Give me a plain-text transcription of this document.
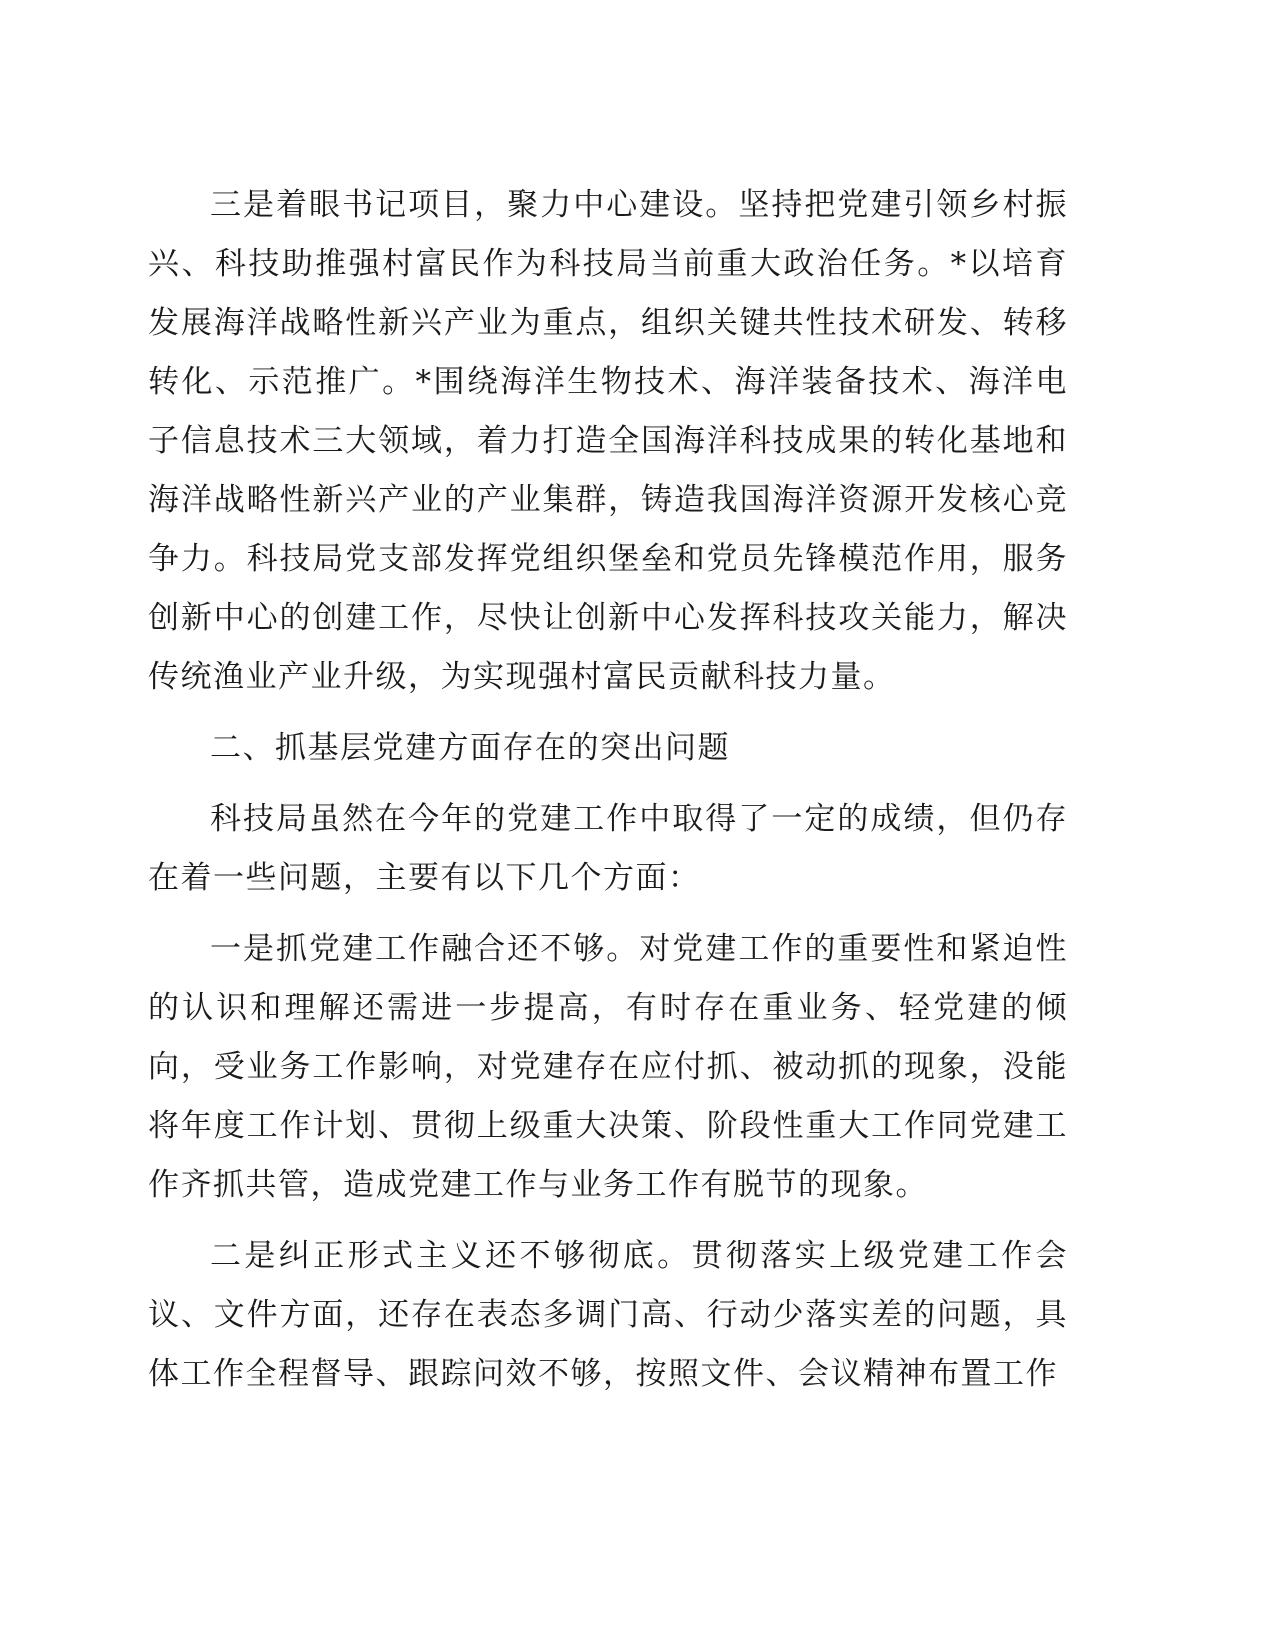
三是着眼书记项目，聚力中心建设。坚持把党建引领乡村振兴、科技助推强村富民作为科技局当前重大政治任务。*以培育发展海洋战略性新兴产业为重点，组织关键共性技术研发、转移转化、示范推广。*围绕海洋生物技术、海洋装备技术、海洋电子信息技术三大领域，着力打造全国海洋科技成果的转化基地和海洋战略性新兴产业的产业集群，铸造我国海洋资源开发核心竞争力。科技局党支部发挥党组织堡垒和党员先锋模范作用，服务创新中心的创建工作，尽快让创新中心发挥科技攻关能力，解决传统渔业产业升级，为实现强村富民贡献科技力量。

二、抓基层党建方面存在的突出问题

科技局虽然在今年的党建工作中取得了一定的成绩，但仍存在着一些问题，主要有以下几个方面：

一是抓党建工作融合还不够。对党建工作的重要性和紧迫性的认识和理解还需进一步提高，有时存在重业务、轻党建的倾向，受业务工作影响，对党建存在应付抓、被动抓的现象，没能将年度工作计划、贯彻上级重大决策、阶段性重大工作同党建工作齐抓共管，造成党建工作与业务工作有脱节的现象。

二是纠正形式主义还不够彻底。贯彻落实上级党建工作会议、文件方面，还存在表态多调门高、行动少落实差的问题，具体工作全程督导、跟踪问效不够，按照文件、会议精神布置工作
